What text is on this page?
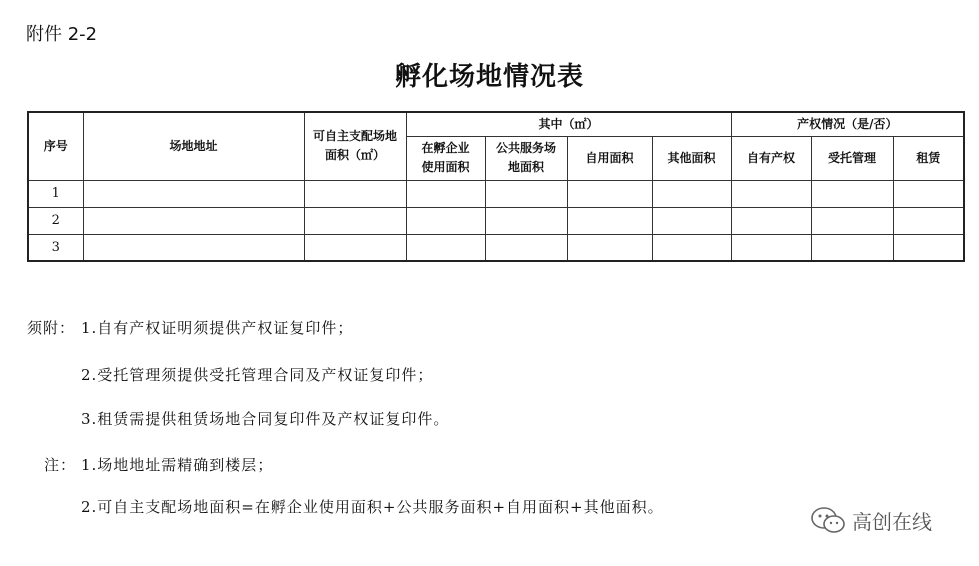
附件 2-2
孵化场地情况表
序号	场地地址	可自主支配场地面积（㎡）	其中（㎡）				产权情况（是/否）		

			在孵企业使用面积	公共服务场地面积	自用面积	其他面积	自有产权	受托管理	租赁
1									
2									
3									
须附： 1.自有产权证明须提供产权证复印件；
2.受托管理须提供受托管理合同及产权证复印件；
3.租赁需提供租赁场地合同复印件及产权证复印件。
注： 1.场地地址需精确到楼层；
2.可自主支配场地面积=在孵企业使用面积+公共服务面积+自用面积+其他面积。
高创在线
